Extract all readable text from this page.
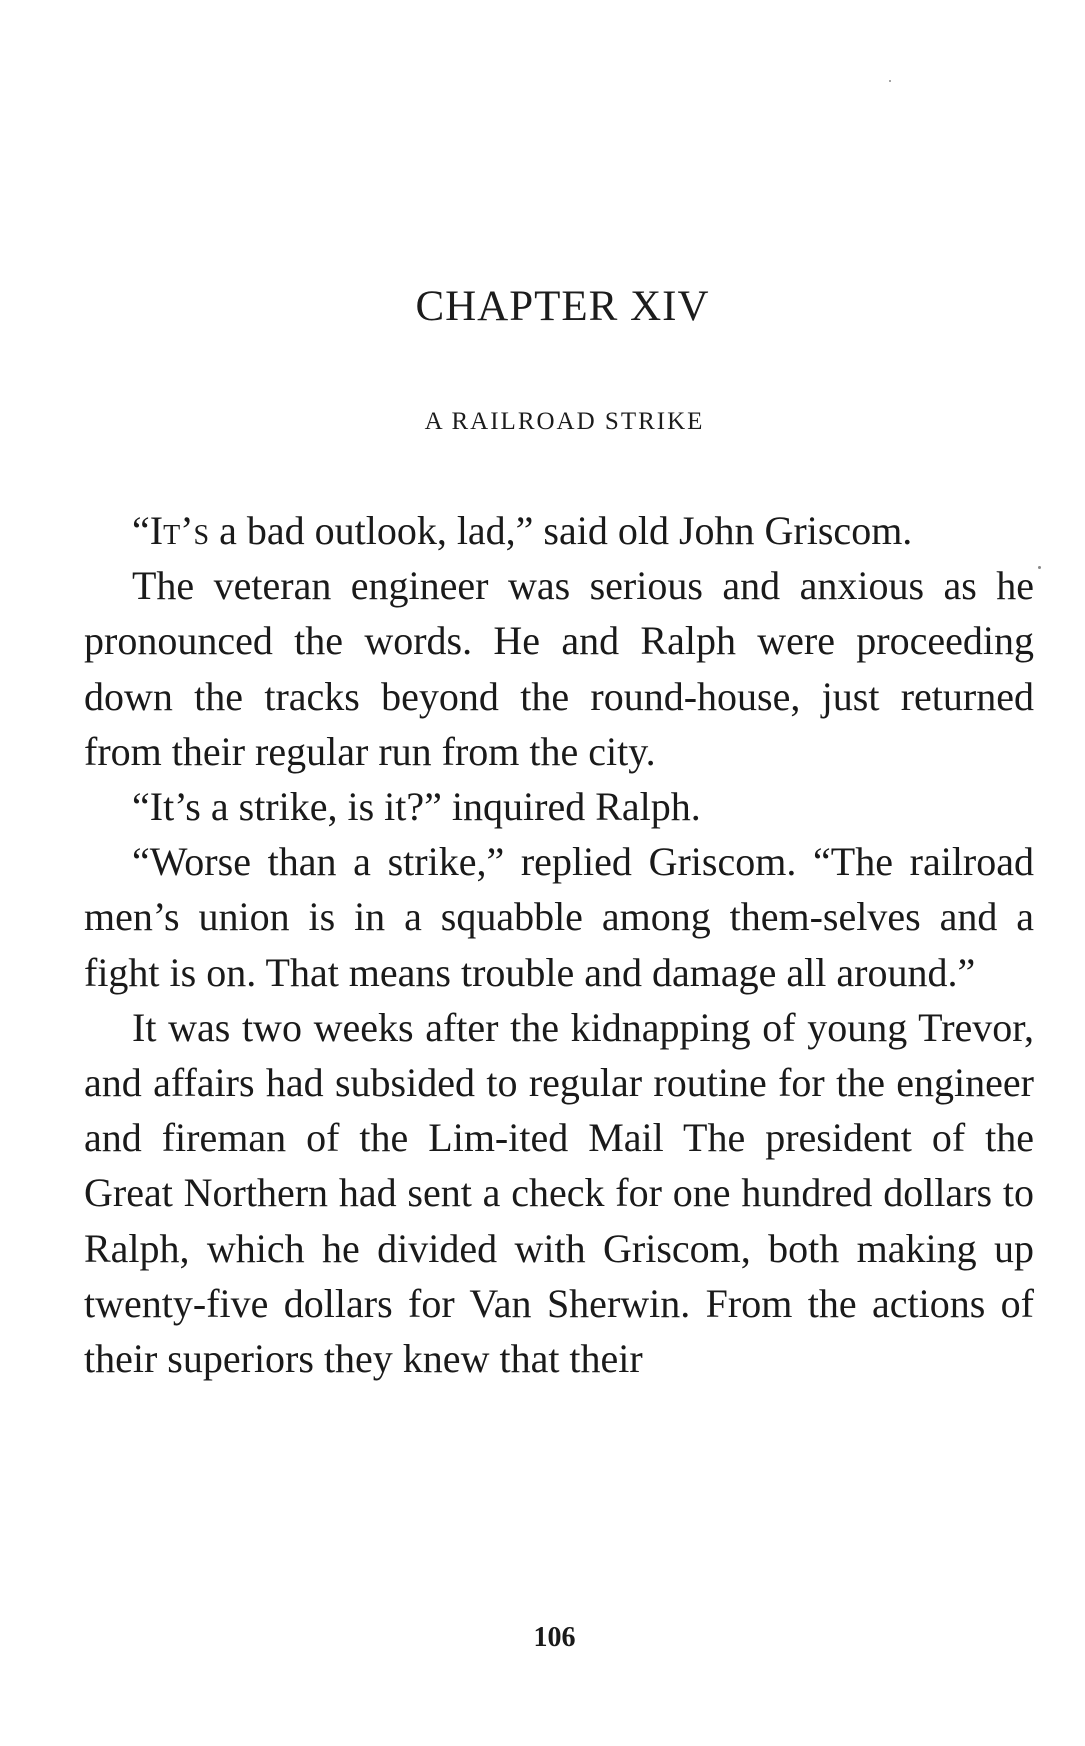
CHAPTER XIV
A RAILROAD STRIKE

“It’s a bad outlook, lad,” said old John Griscom.

The veteran engineer was serious and anxious as he pronounced the words. He and Ralph were proceeding down the tracks beyond the round-house, just returned from their regular run from the city.

“It’s a strike, is it?” inquired Ralph.

“Worse than a strike,” replied Griscom. “The railroad men’s union is in a squabble among them-selves and a fight is on. That means trouble and damage all around.”

It was two weeks after the kidnapping of young Trevor, and affairs had subsided to regular routine for the engineer and fireman of the Lim-ited Mail The president of the Great Northern had sent a check for one hundred dollars to Ralph, which he divided with Griscom, both making up twenty-five dollars for Van Sherwin. From the actions of their superiors they knew that their

106
